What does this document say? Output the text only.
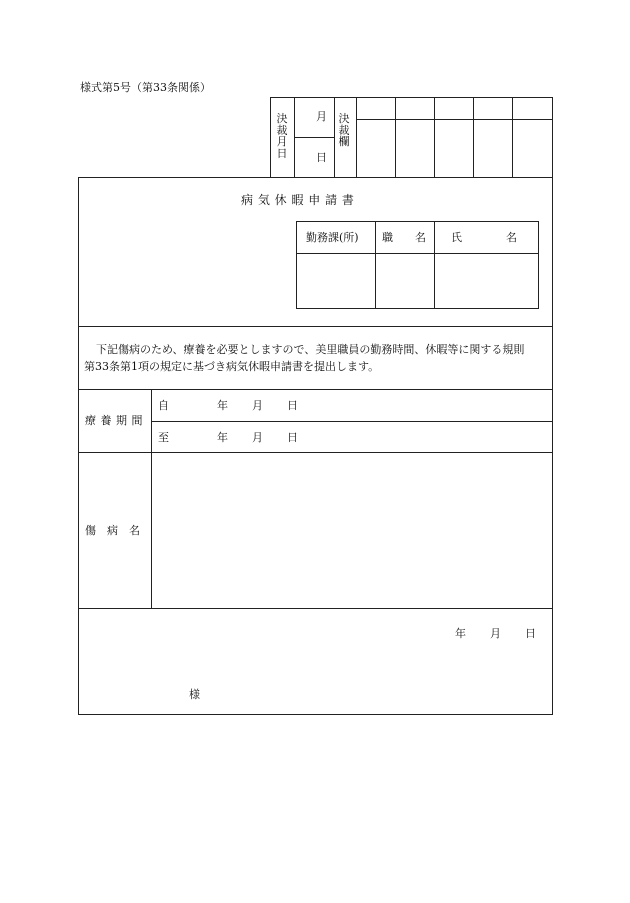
様式第5号（第33条関係）
決
裁
月
日
月
日
決
裁
欄
病 気 休 暇 申 請 書
勤務課(所) 職　　名 氏　　　　名
下記傷病のため、療養を必要としますので、美里職員の勤務時間、休暇等に関する規則
第33条第1項の規定に基づき病気休暇申請書を提出します。
療 養 期 間
自	年 月 日
至	年 月 日
傷　病　名
年 月 日
様
